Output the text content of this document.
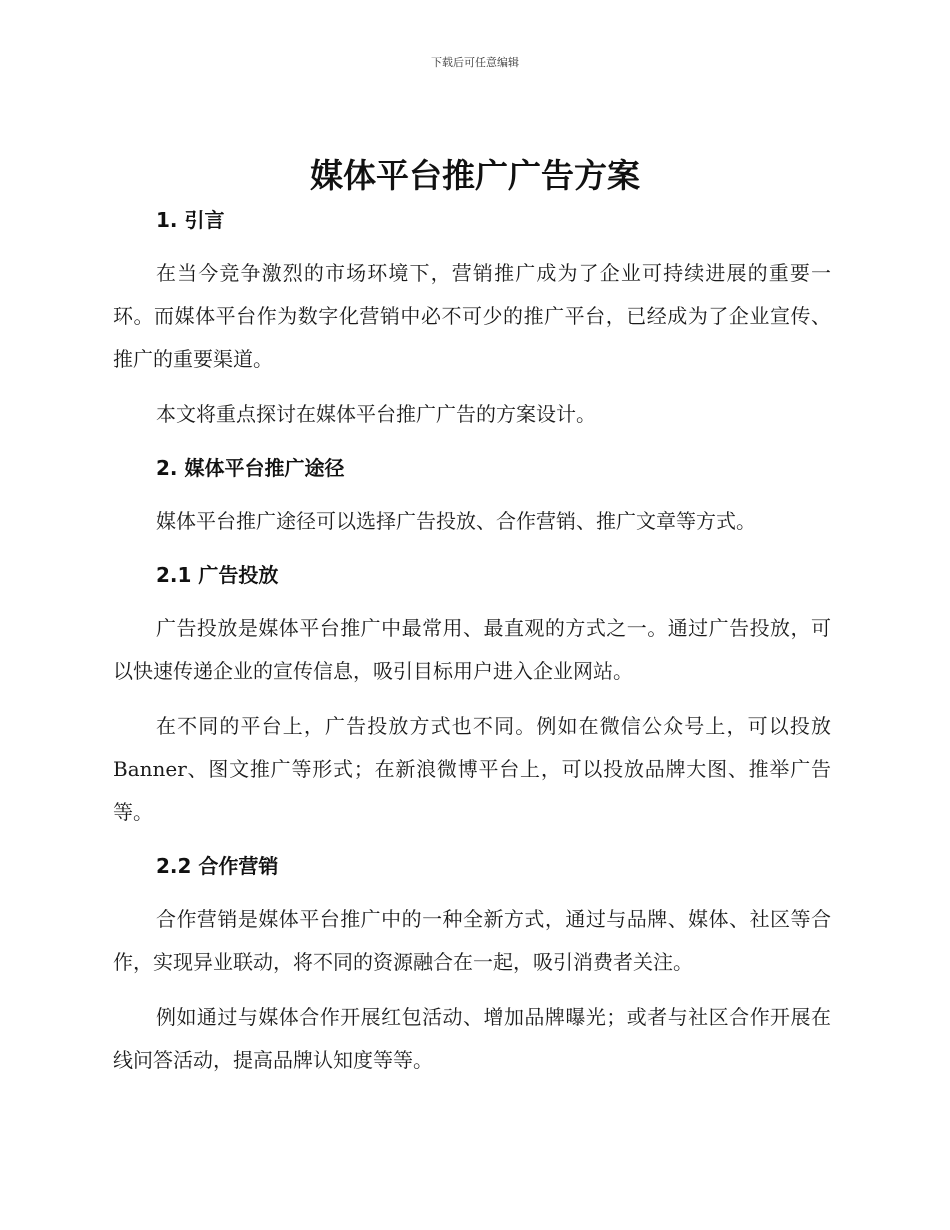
下载后可任意编辑
媒体平台推广广告方案
1. 引言

在当今竞争激烈的市场环境下，营销推广成为了企业可持续进展的重要一环。而媒体平台作为数字化营销中必不可少的推广平台，已经成为了企业宣传、推广的重要渠道。

本文将重点探讨在媒体平台推广广告的方案设计。

2. 媒体平台推广途径

媒体平台推广途径可以选择广告投放、合作营销、推广文章等方式。

2.1 广告投放

广告投放是媒体平台推广中最常用、最直观的方式之一。通过广告投放，可以快速传递企业的宣传信息，吸引目标用户进入企业网站。

在不同的平台上，广告投放方式也不同。例如在微信公众号上，可以投放 Banner、图文推广等形式；在新浪微博平台上，可以投放品牌大图、推举广告等。

2.2 合作营销

合作营销是媒体平台推广中的一种全新方式，通过与品牌、媒体、社区等合作，实现异业联动，将不同的资源融合在一起，吸引消费者关注。

例如通过与媒体合作开展红包活动、增加品牌曝光；或者与社区合作开展在线问答活动，提高品牌认知度等等。
